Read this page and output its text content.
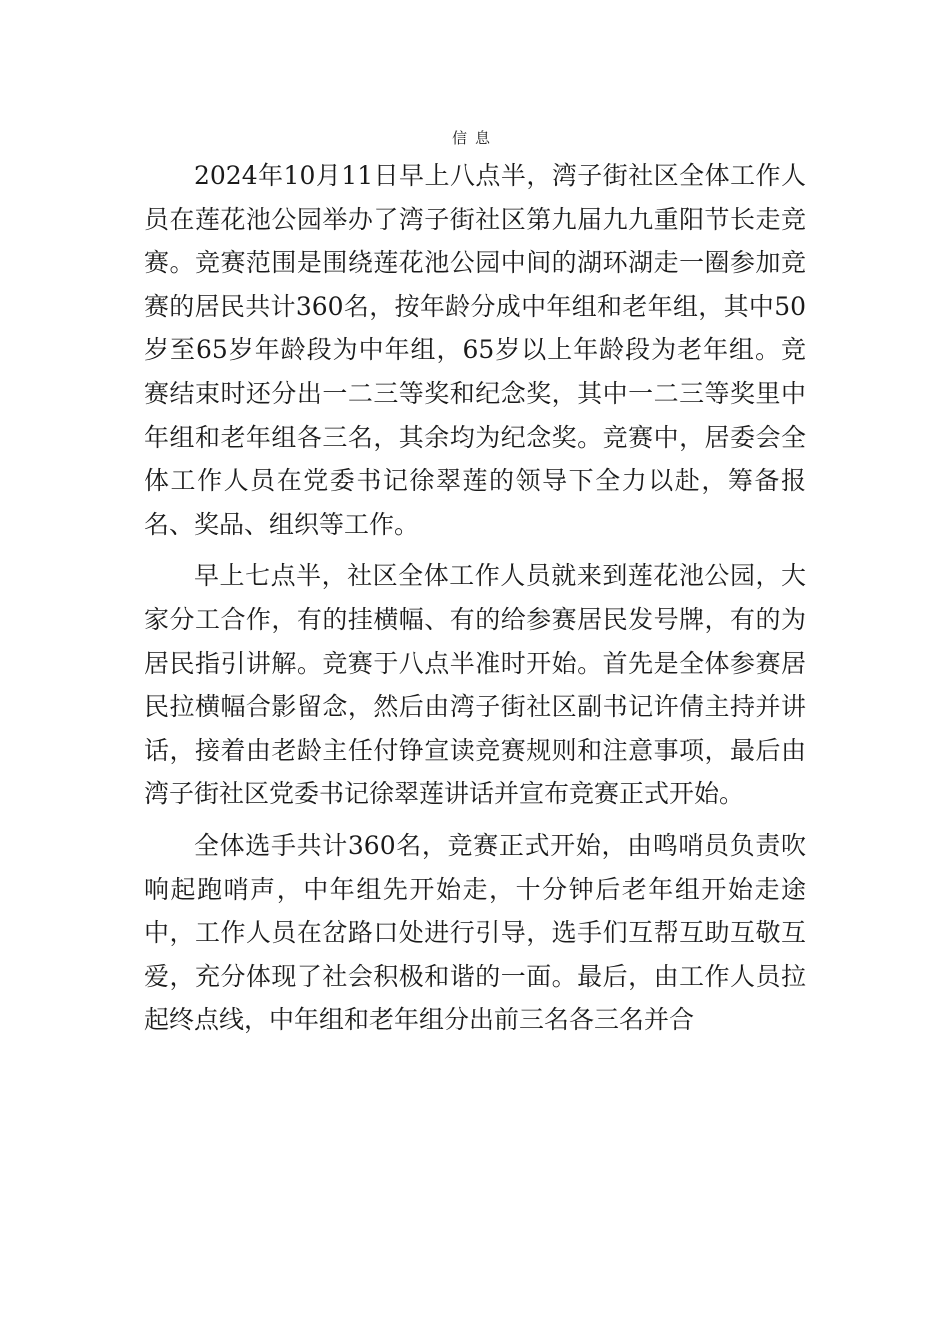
信息

2024年10月11日早上八点半，湾子街社区全体工作人员在莲花池公园举办了湾子街社区第九届九九重阳节长走竞赛。竞赛范围是围绕莲花池公园中间的湖环湖走一圈参加竞赛的居民共计360名，按年龄分成中年组和老年组，其中50岁至65岁年龄段为中年组，65岁以上年龄段为老年组。竞赛结束时还分出一二三等奖和纪念奖，其中一二三等奖里中年组和老年组各三名，其余均为纪念奖。竞赛中，居委会全体工作人员在党委书记徐翠莲的领导下全力以赴，筹备报名、奖品、组织等工作。

早上七点半，社区全体工作人员就来到莲花池公园，大家分工合作，有的挂横幅、有的给参赛居民发号牌，有的为居民指引讲解。竞赛于八点半准时开始。首先是全体参赛居民拉横幅合影留念，然后由湾子街社区副书记许倩主持并讲话，接着由老龄主任付铮宣读竞赛规则和注意事项，最后由湾子街社区党委书记徐翠莲讲话并宣布竞赛正式开始。

全体选手共计360名，竞赛正式开始，由鸣哨员负责吹响起跑哨声，中年组先开始走，十分钟后老年组开始走途中，工作人员在岔路口处进行引导，选手们互帮互助互敬互爱，充分体现了社会积极和谐的一面。最后，由工作人员拉起终点线，中年组和老年组分出前三名各三名并合
